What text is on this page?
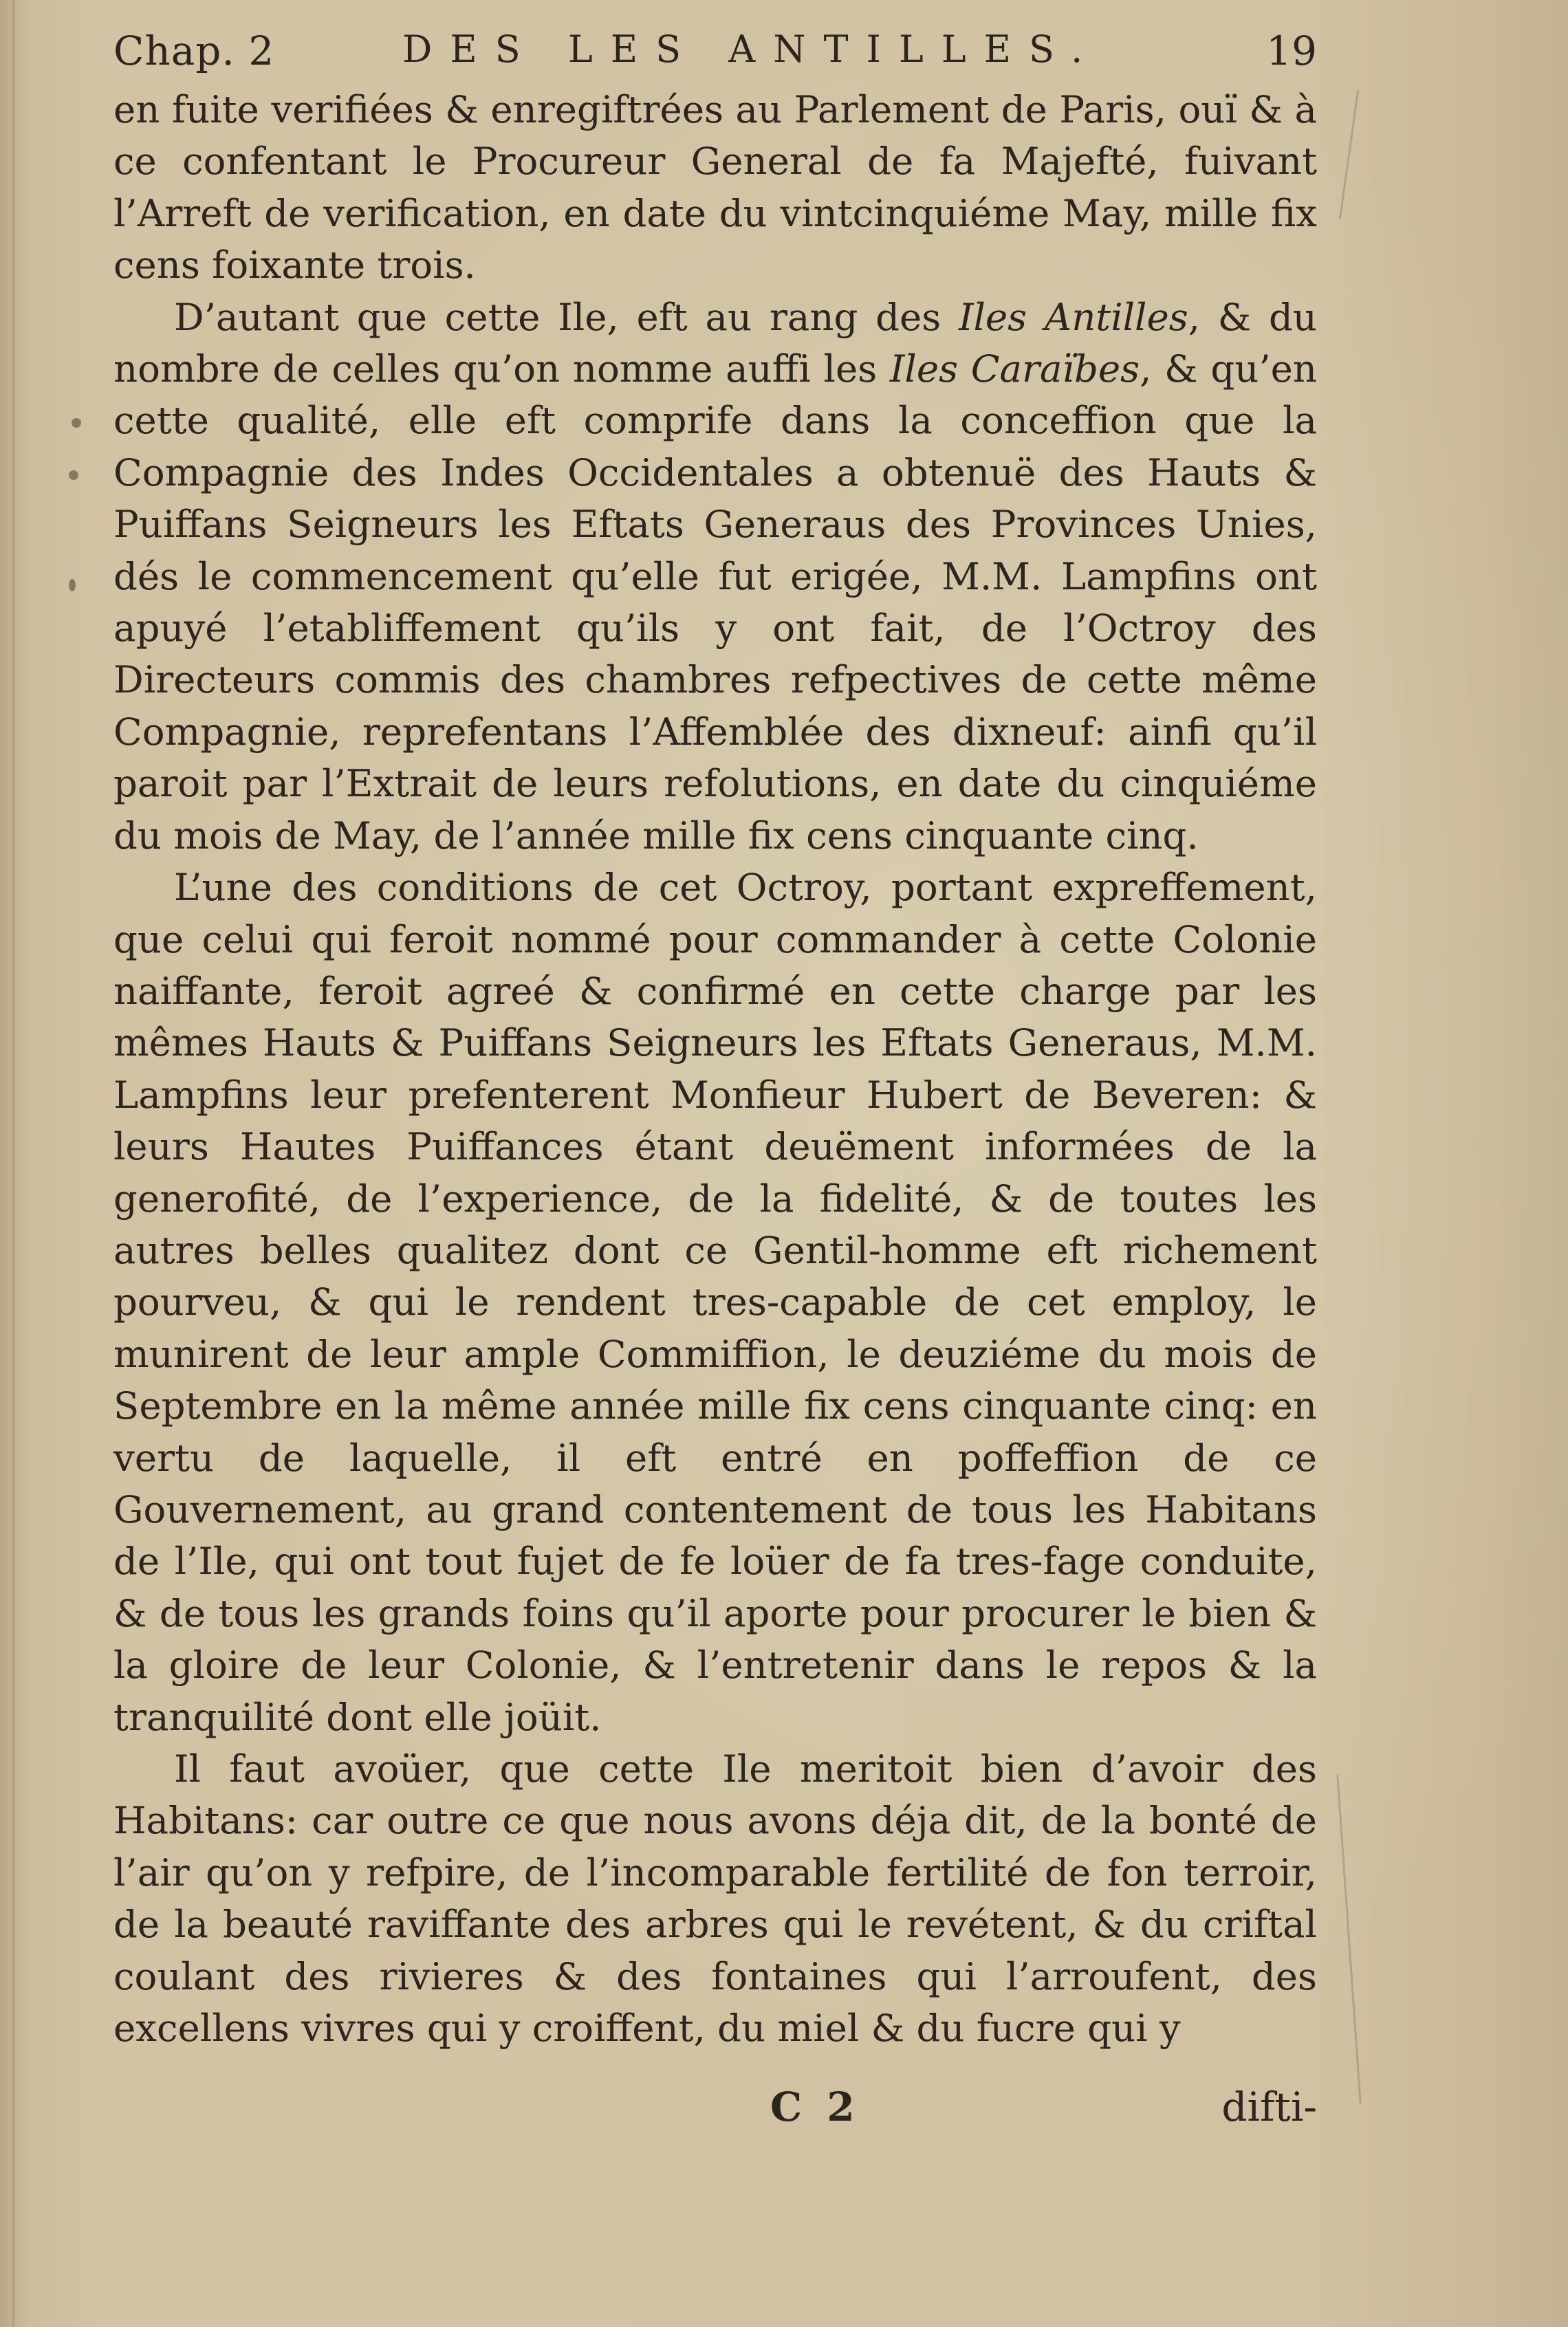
Chap. 2	DES LES ANTILLES.	19

en fuite verifiées & enregiftrées au Parlement de Paris, ouï & à ce confentant le Procureur General de fa Majefté, fuivant l’Arreft de verification, en date du vintcinquiéme May, mille fix cens foixante trois.

D’autant que cette Ile, eft au rang des Iles Antilles, & du nombre de celles qu’on nomme auffi les Iles Caraïbes, & qu’en cette qualité, elle eft comprife dans la conceffion que la Compagnie des Indes Occidentales a obtenuë des Hauts & Puiffans Seigneurs les Eftats Generaus des Provinces Unies, dés le commencement qu’elle fut erigée, M.M. Lampfins ont apuyé l’etabliffement qu’ils y ont fait, de l’Octroy des Directeurs commis des chambres refpectives de cette même Compagnie, reprefentans l’Affemblée des dixneuf: ainfi qu’il paroit par l’Extrait de leurs refolutions, en date du cinquiéme du mois de May, de l’année mille fix cens cinquante cinq.

L’une des conditions de cet Octroy, portant expreffement, que celui qui feroit nommé pour commander à cette Colonie naiffante, feroit agreé & confirmé en cette charge par les mêmes Hauts & Puiffans Seigneurs les Eftats Generaus, M.M. Lampfins leur prefenterent Monfieur Hubert de Beveren: & leurs Hautes Puiffances étant deuëment informées de la generofité, de l’experience, de la fidelité, & de toutes les autres belles qualitez dont ce Gentil-homme eft richement pourveu, & qui le rendent tres-capable de cet employ, le munirent de leur ample Commiffion, le deuziéme du mois de Septembre en la même année mille fix cens cinquante cinq: en vertu de laquelle, il eft entré en poffeffion de ce Gouvernement, au grand contentement de tous les Habitans de l’Ile, qui ont tout fujet de fe loüer de fa tres-fage conduite, & de tous les grands foins qu’il aporte pour procurer le bien & la gloire de leur Colonie, & l’entretenir dans le repos & la tranquilité dont elle joüit.

Il faut avoüer, que cette Ile meritoit bien d’avoir des Habitans: car outre ce que nous avons déja dit, de la bonté de l’air qu’on y refpire, de l’incomparable fertilité de fon terroir, de la beauté raviffante des arbres qui le revétent, & du criftal coulant des rivieres & des fontaines qui l’arroufent, des excellens vivres qui y croiffent, du miel & du fucre qui y

C 2	difti-
